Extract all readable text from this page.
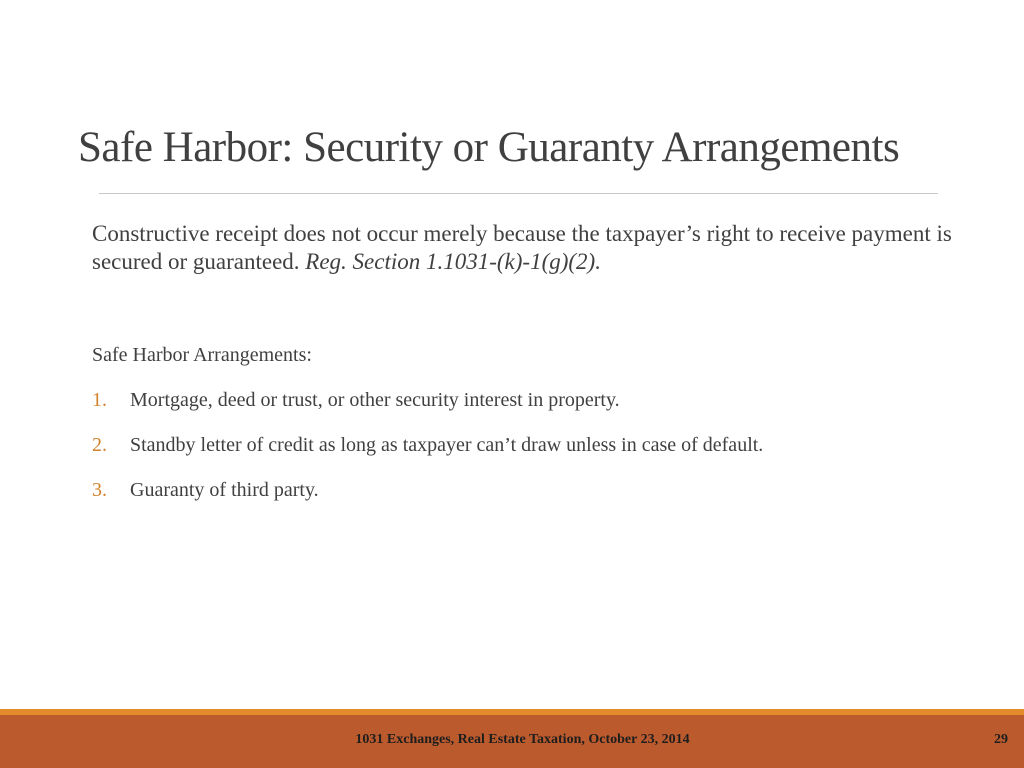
Safe Harbor: Security or Guaranty Arrangements
Constructive receipt does not occur merely because the taxpayer’s right to receive payment is secured or guaranteed. Reg. Section 1.1031-(k)-1(g)(2).
Safe Harbor Arrangements:
1.	Mortgage, deed or trust, or other security interest in property.
2.	Standby letter of credit as long as taxpayer can’t draw unless in case of default.
3.	Guaranty of third party.
1031 Exchanges, Real Estate Taxation, October 23, 2014	29
